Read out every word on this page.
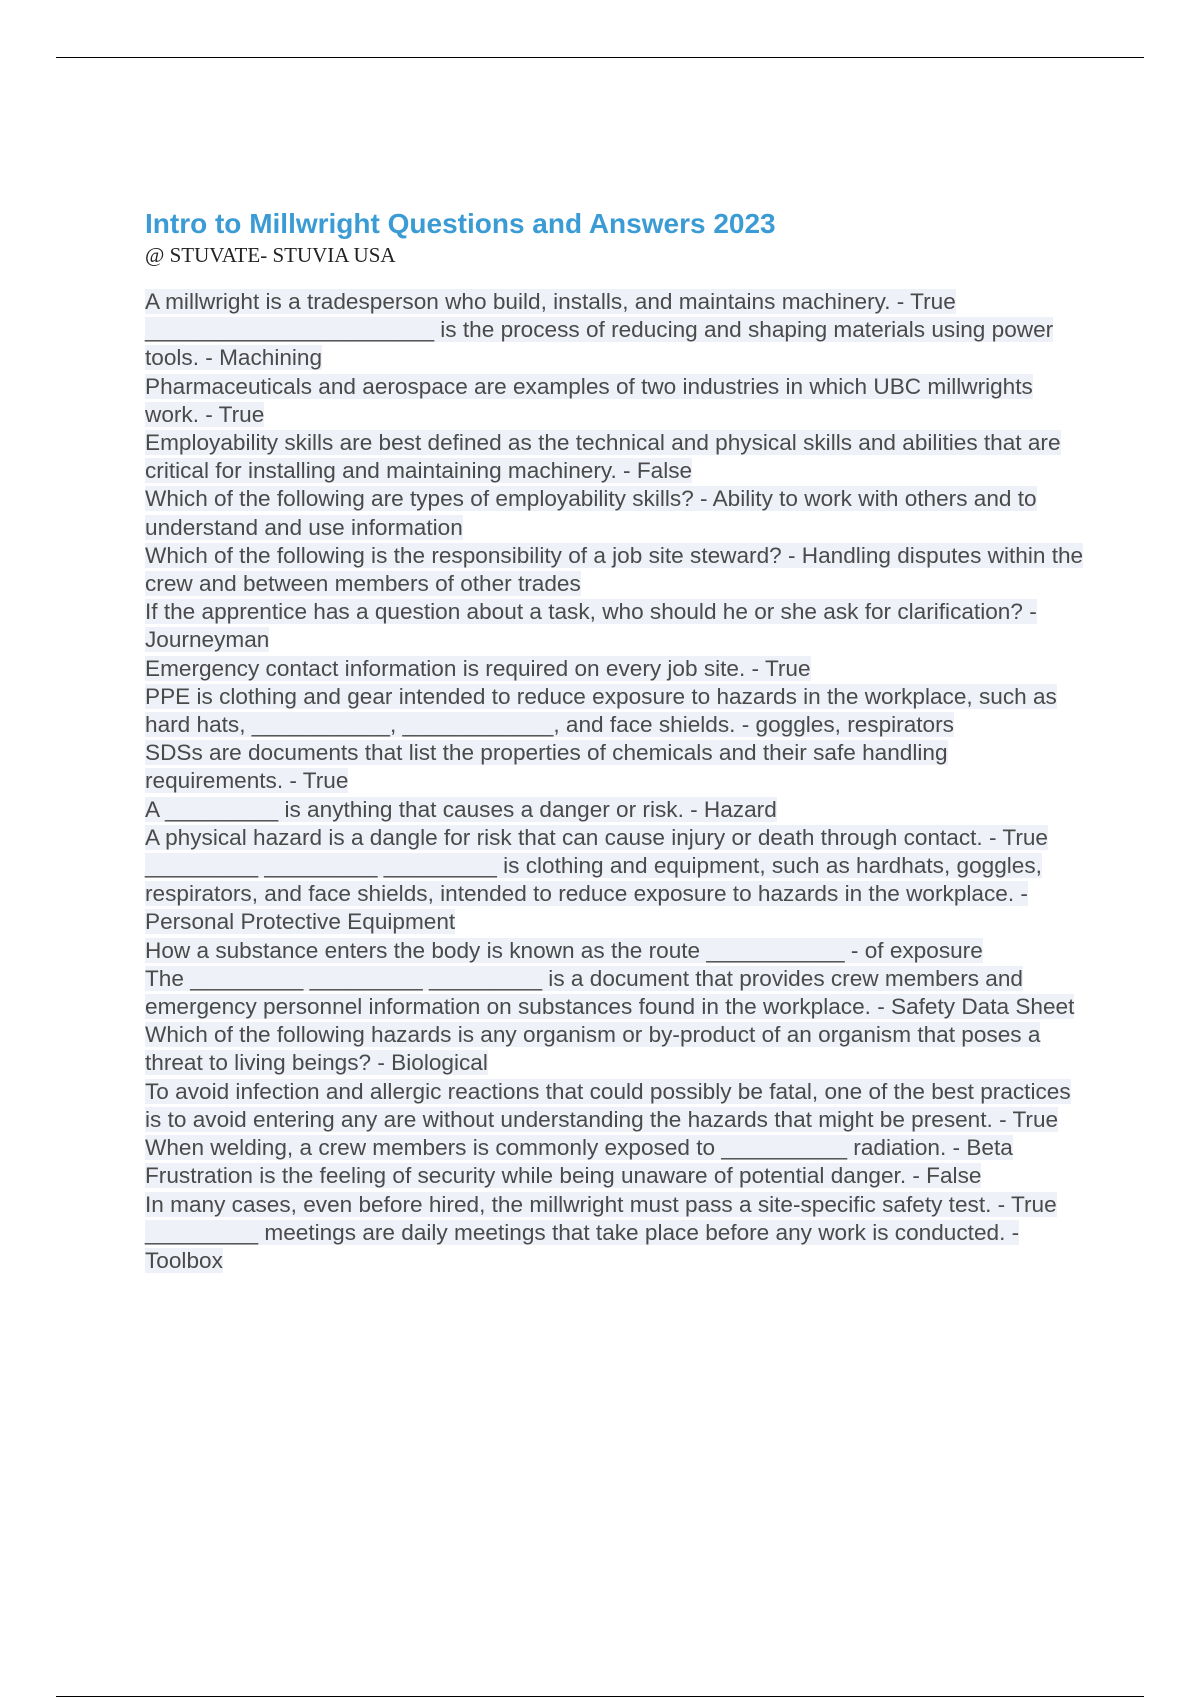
Intro to Millwright Questions and Answers 2023
@ STUVATE- STUVIA USA
A millwright is a tradesperson who build, installs, and maintains machinery. - True
_______________________ is the process of reducing and shaping materials using power tools. - Machining
Pharmaceuticals and aerospace are examples of two industries in which UBC millwrights work. - True
Employability skills are best defined as the technical and physical skills and abilities that are critical for installing and maintaining machinery. - False
Which of the following are types of employability skills? - Ability to work with others and to understand and use information
Which of the following is the responsibility of a job site steward? - Handling disputes within the crew and between members of other trades
If the apprentice has a question about a task, who should he or she ask for clarification? - Journeyman
Emergency contact information is required on every job site. - True
PPE is clothing and gear intended to reduce exposure to hazards in the workplace, such as hard hats, ___________, ____________, and face shields. - goggles, respirators
SDSs are documents that list the properties of chemicals and their safe handling requirements. - True
A _________ is anything that causes a danger or risk. - Hazard
A physical hazard is a dangle for risk that can cause injury or death through contact. - True
_________ _________ _________ is clothing and equipment, such as hardhats, goggles, respirators, and face shields, intended to reduce exposure to hazards in the workplace. - Personal Protective Equipment
How a substance enters the body is known as the route ___________ - of exposure
The _________ _________ _________ is a document that provides crew members and emergency personnel information on substances found in the workplace. - Safety Data Sheet
Which of the following hazards is any organism or by-product of an organism that poses a threat to living beings? - Biological
To avoid infection and allergic reactions that could possibly be fatal, one of the best practices is to avoid entering any are without understanding the hazards that might be present. - True
When welding, a crew members is commonly exposed to __________ radiation. - Beta
Frustration is the feeling of security while being unaware of potential danger. - False
In many cases, even before hired, the millwright must pass a site-specific safety test. - True
_________ meetings are daily meetings that take place before any work is conducted. - Toolbox
